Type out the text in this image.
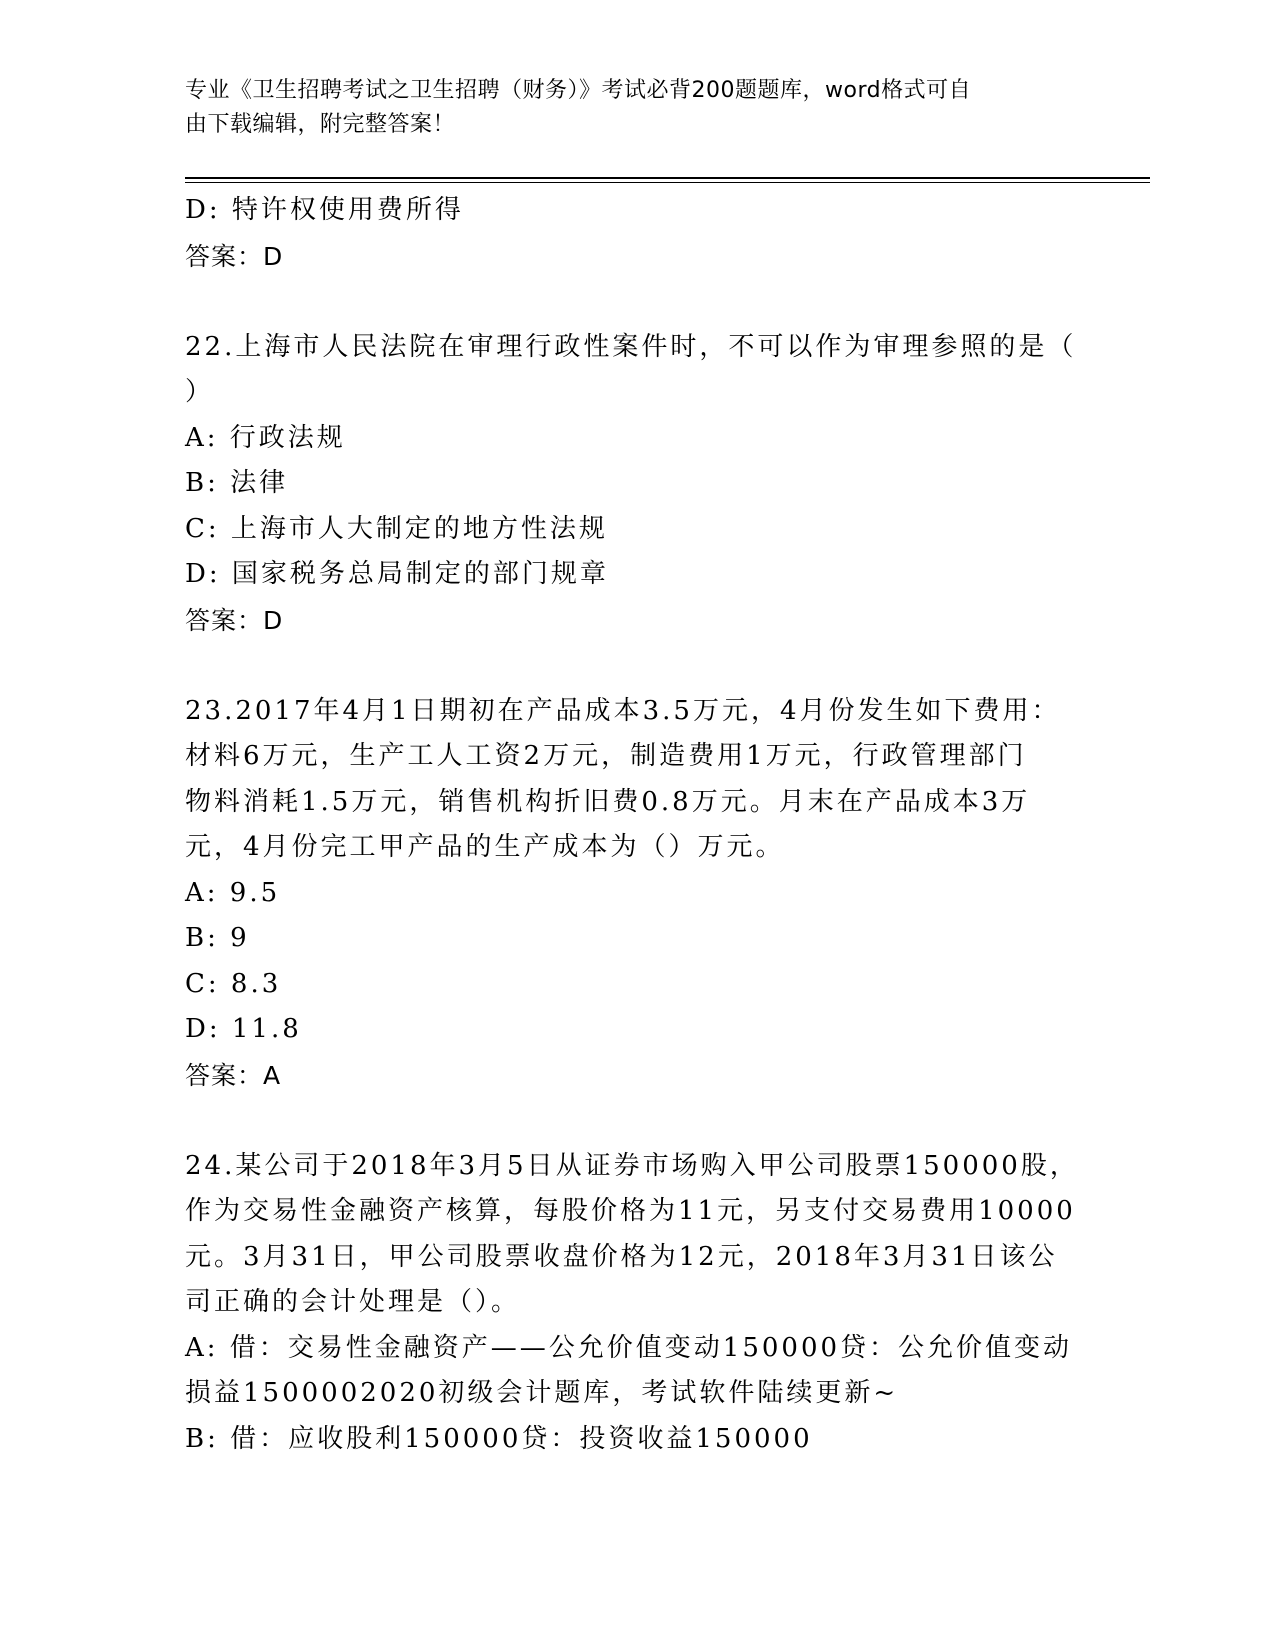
专业《卫生招聘考试之卫生招聘（财务）》考试必背200题题库，word格式可自
由下载编辑，附完整答案！
D: 特许权使用费所得
答案：D
22.上海市人民法院在审理行政性案件时，不可以作为审理参照的是（
）
A: 行政法规
B: 法律
C: 上海市人大制定的地方性法规
D: 国家税务总局制定的部门规章
答案：D
23.2017年4月1日期初在产品成本3.5万元，4月份发生如下费用：
材料6万元，生产工人工资2万元，制造费用1万元，行政管理部门
物料消耗1.5万元，销售机构折旧费0.8万元。月末在产品成本3万
元，4月份完工甲产品的生产成本为（）万元。
A: 9.5
B: 9
C: 8.3
D: 11.8
答案：A
24.某公司于2018年3月5日从证券市场购入甲公司股票150000股，
作为交易性金融资产核算，每股价格为11元，另支付交易费用10000
元。3月31日，甲公司股票收盘价格为12元，2018年3月31日该公
司正确的会计处理是（）。
A: 借：交易性金融资产——公允价值变动150000贷：公允价值变动
损益1500002020初级会计题库，考试软件陆续更新~
B: 借：应收股利150000贷：投资收益150000
